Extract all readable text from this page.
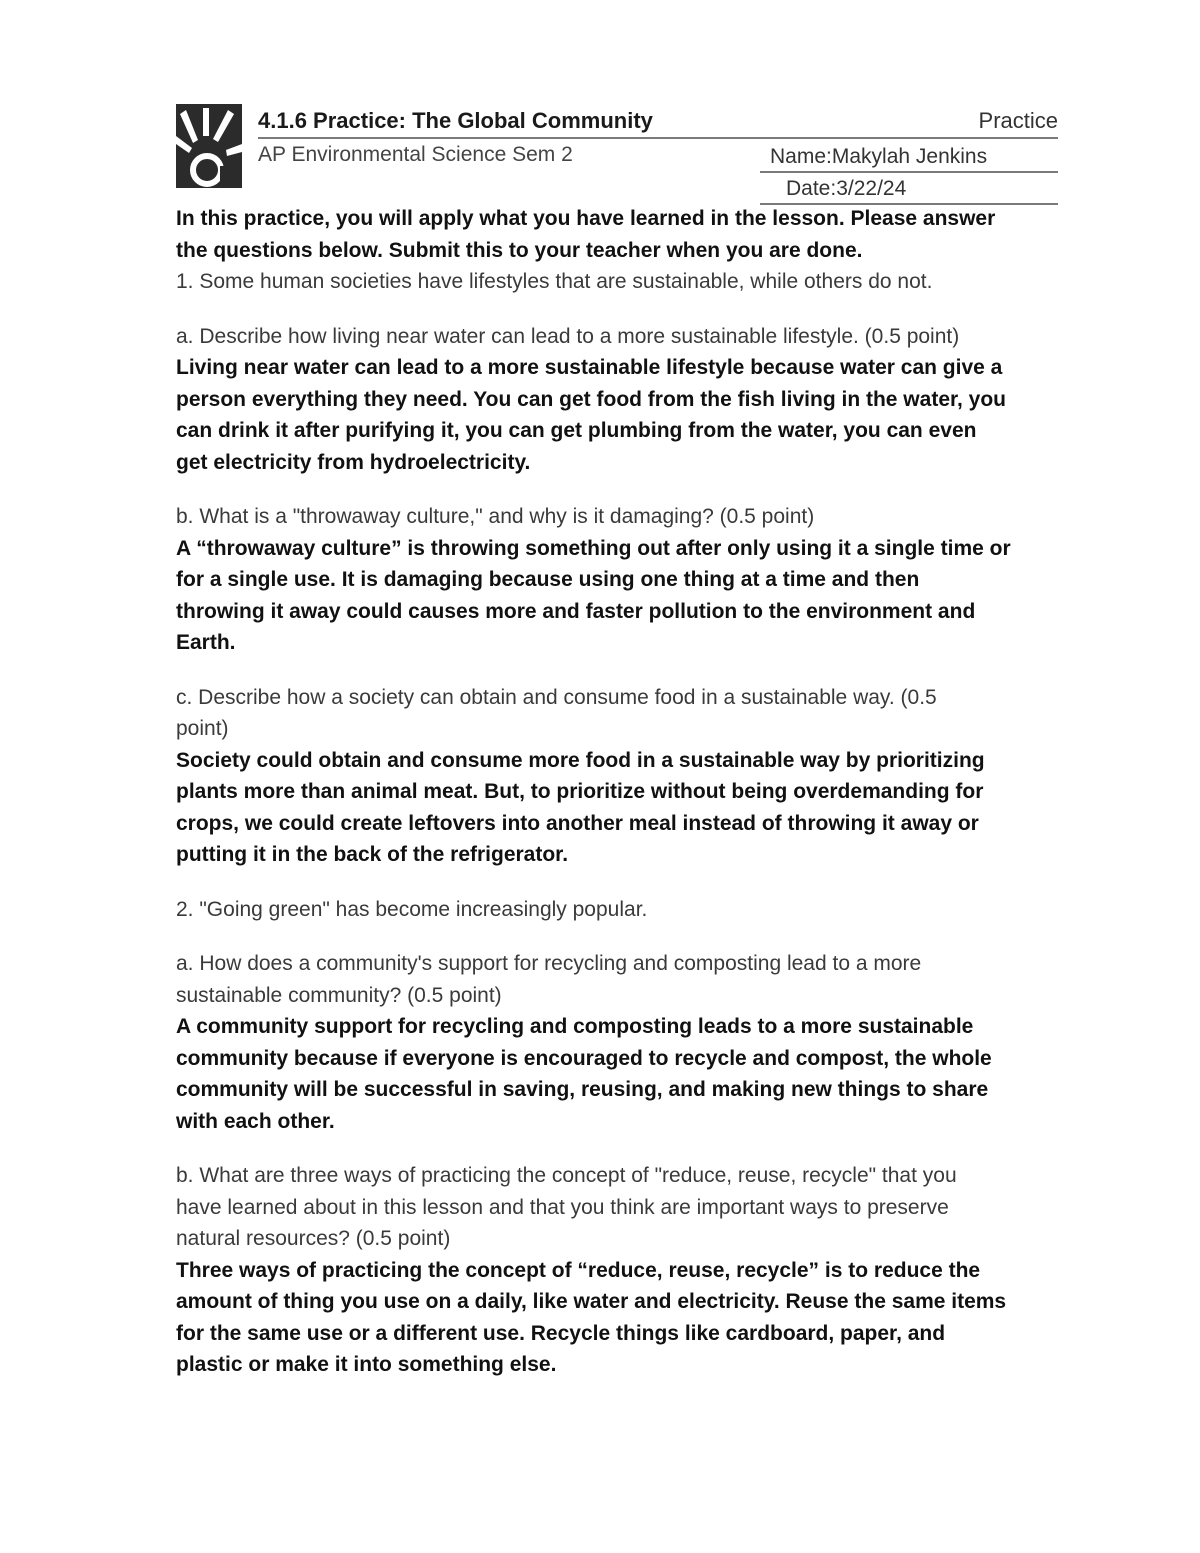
4.1.6 Practice: The Global Community	Practice
AP Environmental Science Sem 2	Name:Makylah Jenkins
Date:3/22/24

In this practice, you will apply what you have learned in the lesson. Please answer

the questions below. Submit this to your teacher when you are done.

1. Some human societies have lifestyles that are sustainable, while others do not.

a. Describe how living near water can lead to a more sustainable lifestyle. (0.5 point)

Living near water can lead to a more sustainable lifestyle because water can give a

person everything they need. You can get food from the fish living in the water, you

can drink it after purifying it, you can get plumbing from the water, you can even

get electricity from hydroelectricity.

b. What is a "throwaway culture," and why is it damaging? (0.5 point)

A “throwaway culture” is throwing something out after only using it a single time or

for a single use. It is damaging because using one thing at a time and then

throwing it away could causes more and faster pollution to the environment and

Earth.

c. Describe how a society can obtain and consume food in a sustainable way. (0.5

point)

Society could obtain and consume more food in a sustainable way by prioritizing

plants more than animal meat. But, to prioritize without being overdemanding for

crops, we could create leftovers into another meal instead of throwing it away or

putting it in the back of the refrigerator.

2. "Going green" has become increasingly popular.

a. How does a community's support for recycling and composting lead to a more

sustainable community? (0.5 point)

A community support for recycling and composting leads to a more sustainable

community because if everyone is encouraged to recycle and compost, the whole

community will be successful in saving, reusing, and making new things to share

with each other.

b. What are three ways of practicing the concept of "reduce, reuse, recycle" that you

have learned about in this lesson and that you think are important ways to preserve

natural resources? (0.5 point)

Three ways of practicing the concept of “reduce, reuse, recycle” is to reduce the

amount of thing you use on a daily, like water and electricity. Reuse the same items

for the same use or a different use. Recycle things like cardboard, paper, and

plastic or make it into something else.
